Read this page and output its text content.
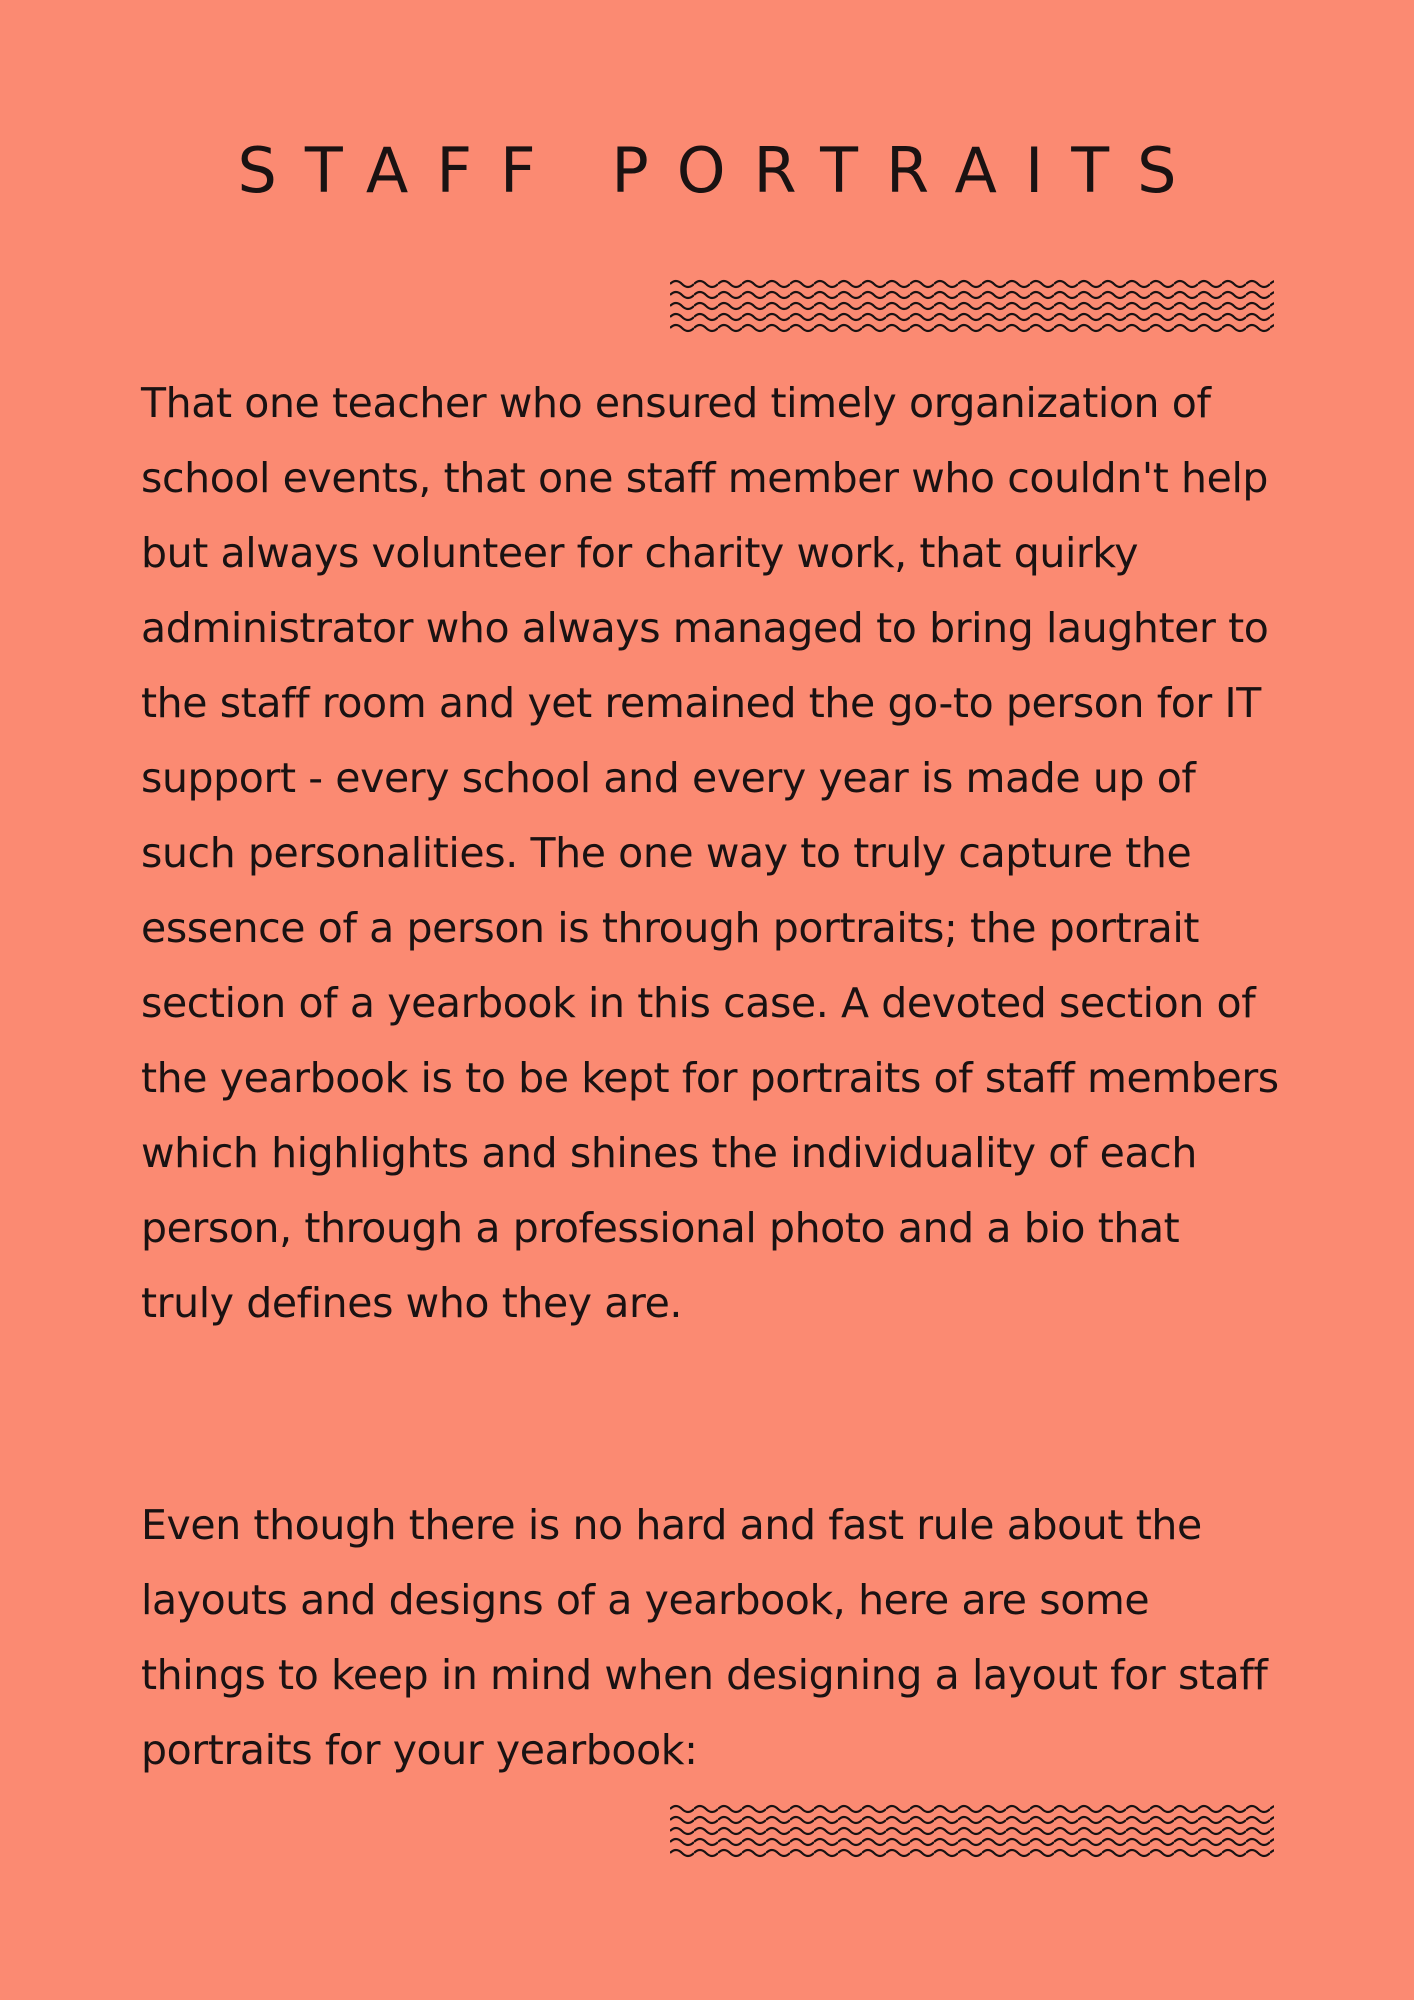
STAFF PORTRAITS

That one teacher who ensured timely organization of school events, that one staff member who couldn't help but always volunteer for charity work, that quirky administrator who always managed to bring laughter to the staff room and yet remained the go-to person for IT support - every school and every year is made up of such personalities. The one way to truly capture the essence of a person is through portraits; the portrait section of a yearbook in this case. A devoted section of the yearbook is to be kept for portraits of staff members which highlights and shines the individuality of each person, through a professional photo and a bio that truly defines who they are.

Even though there is no hard and fast rule about the layouts and designs of a yearbook, here are some things to keep in mind when designing a layout for staff portraits for your yearbook:
